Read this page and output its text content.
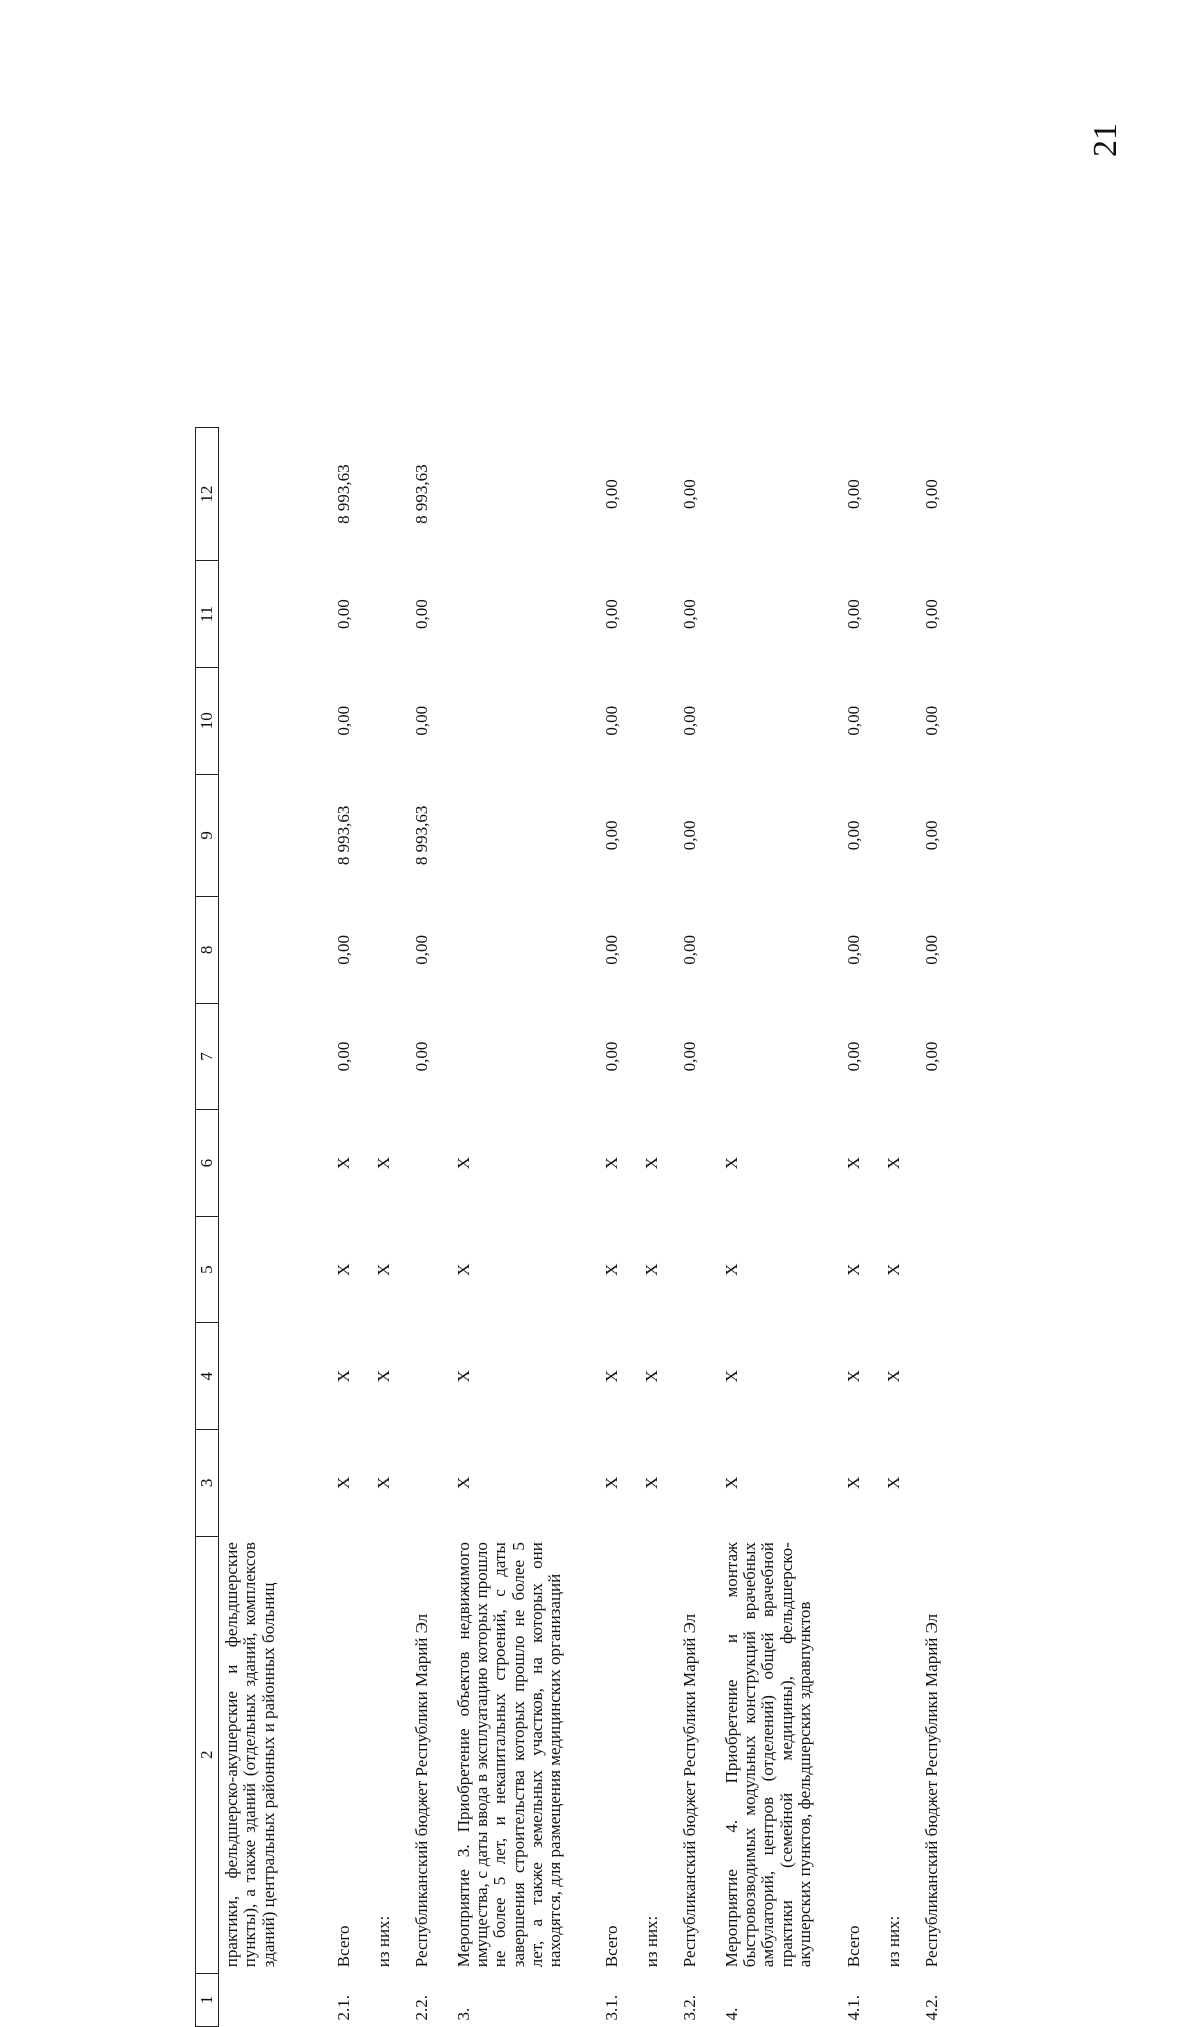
21
1	2	3	4	5	6	7	8	9	10	11	12
	практики, фельдшерско-акушерские и фельдшерские пункты), а также зданий (отдельных зданий, комплексов зданий) центральных районных и районных больниц										
2.1.	Всего	X	X	X	X	0,00	0,00	8 993,63	0,00	0,00	8 993,63
	из них:	X	X	X	X						
2.2.	Республиканский бюджет Республики Марий Эл					0,00	0,00	8 993,63	0,00	0,00	8 993,63
3.	Мероприятие 3. Приобретение объектов недвижимого имущества, с даты ввода в эксплуатацию которых прошло не более 5 лет, и некапитальных строений, с даты завершения строительства которых прошло не более 5 лет, а также земельных участков, на которых они находятся, для размещения медицинских организаций	X	X	X	X						
3.1.	Всего	X	X	X	X	0,00	0,00	0,00	0,00	0,00	0,00
	из них:	X	X	X	X						
3.2.	Республиканский бюджет Республики Марий Эл					0,00	0,00	0,00	0,00	0,00	0,00
4.	Мероприятие 4. Приобретение и монтаж быстровозводимых модульных конструкций врачебных амбулаторий, центров (отделений) общей врачебной практики (семейной медицины), фельдшерско-акушерских пунктов, фельдшерских здравпунктов	X	X	X	X						
4.1.	Всего	X	X	X	X	0,00	0,00	0,00	0,00	0,00	0,00
	из них:	X	X	X	X						
4.2.	Республиканский бюджет Республики Марий Эл					0,00	0,00	0,00	0,00	0,00	0,00
